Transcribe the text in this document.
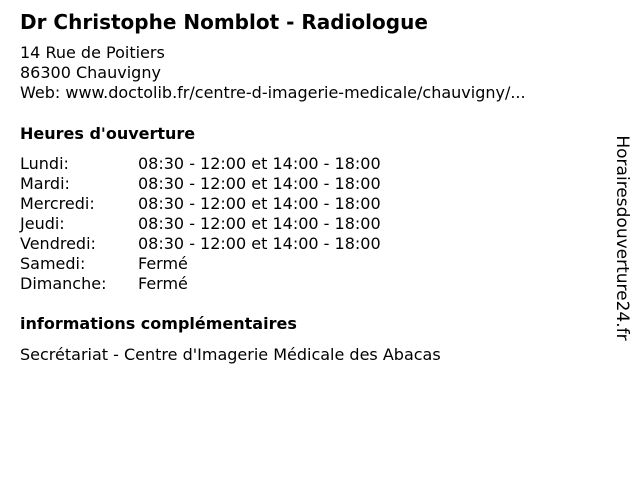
Dr Christophe Nomblot - Radiologue
14 Rue de Poitiers
86300 Chauvigny
Web: www.doctolib.fr/centre-d-imagerie-medicale/chauvigny/...
Heures d'ouverture
Lundi:	08:30 - 12:00 et 14:00 - 18:00
Mardi:	08:30 - 12:00 et 14:00 - 18:00
Mercredi:	08:30 - 12:00 et 14:00 - 18:00
Jeudi:	08:30 - 12:00 et 14:00 - 18:00
Vendredi:	08:30 - 12:00 et 14:00 - 18:00
Samedi:	Fermé
Dimanche:	Fermé
informations complémentaires
Secrétariat - Centre d'Imagerie Médicale des Abacas
Horairesdouverture24.fr
